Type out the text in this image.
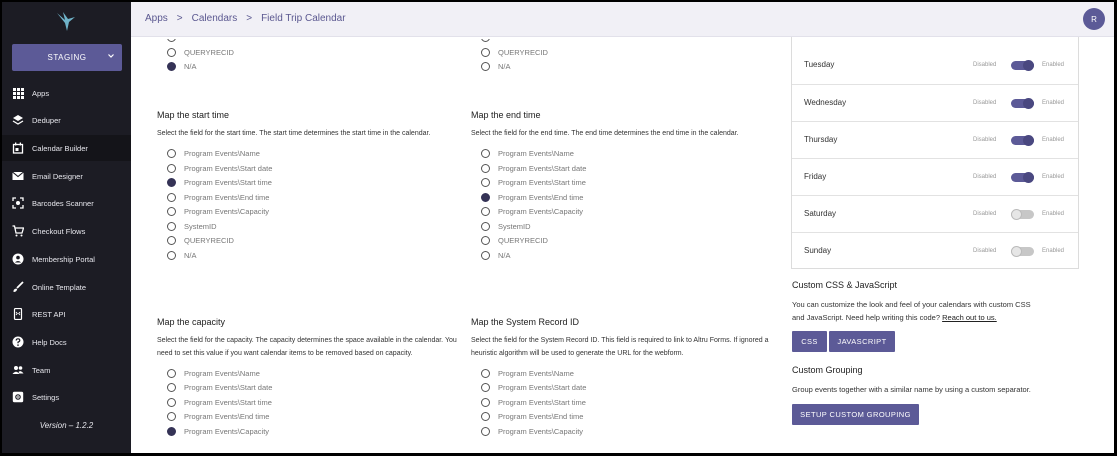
STAGING
Apps
Deduper
Calendar Builder
Email Designer
Barcodes Scanner
Checkout Flows
Membership Portal
Online Template
REST API
Help Docs
Team
Settings
Version – 1.2.2
Apps > Calendars > Field Trip Calendar	R
QUERYRECID
N/A
QUERYRECID
N/A
Map the start time
Select the field for the start time. The start time determines the start time in the calendar.
Program Events\Name
Program Events\Start date
Program Events\Start time
Program Events\End time
Program Events\Capacity
SystemID
QUERYRECID
N/A
Map the end time
Select the field for the end time. The end time determines the end time in the calendar.
Program Events\Name
Program Events\Start date
Program Events\Start time
Program Events\End time
Program Events\Capacity
SystemID
QUERYRECID
N/A
Map the capacity
Select the field for the capacity. The capacity determines the space available in the calendar. You need to set this value if you want calendar items to be removed based on capacity.
Program Events\Name
Program Events\Start date
Program Events\Start time
Program Events\End time
Program Events\Capacity
Map the System Record ID
Select the field for the System Record ID. This field is required to link to Altru Forms. If ignored a heuristic algorithm will be used to generate the URL for the webform.
Program Events\Name
Program Events\Start date
Program Events\Start time
Program Events\End time
Program Events\Capacity
Tuesday	Disabled	Enabled
Wednesday	Disabled	Enabled
Thursday	Disabled	Enabled
Friday	Disabled	Enabled
Saturday	Disabled	Enabled
Sunday	Disabled	Enabled
Custom CSS & JavaScript
You can customize the look and feel of your calendars with custom CSS and JavaScript. Need help writing this code? Reach out to us.
CSS	JAVASCRIPT
Custom Grouping
Group events together with a similar name by using a custom separator.
SETUP CUSTOM GROUPING
